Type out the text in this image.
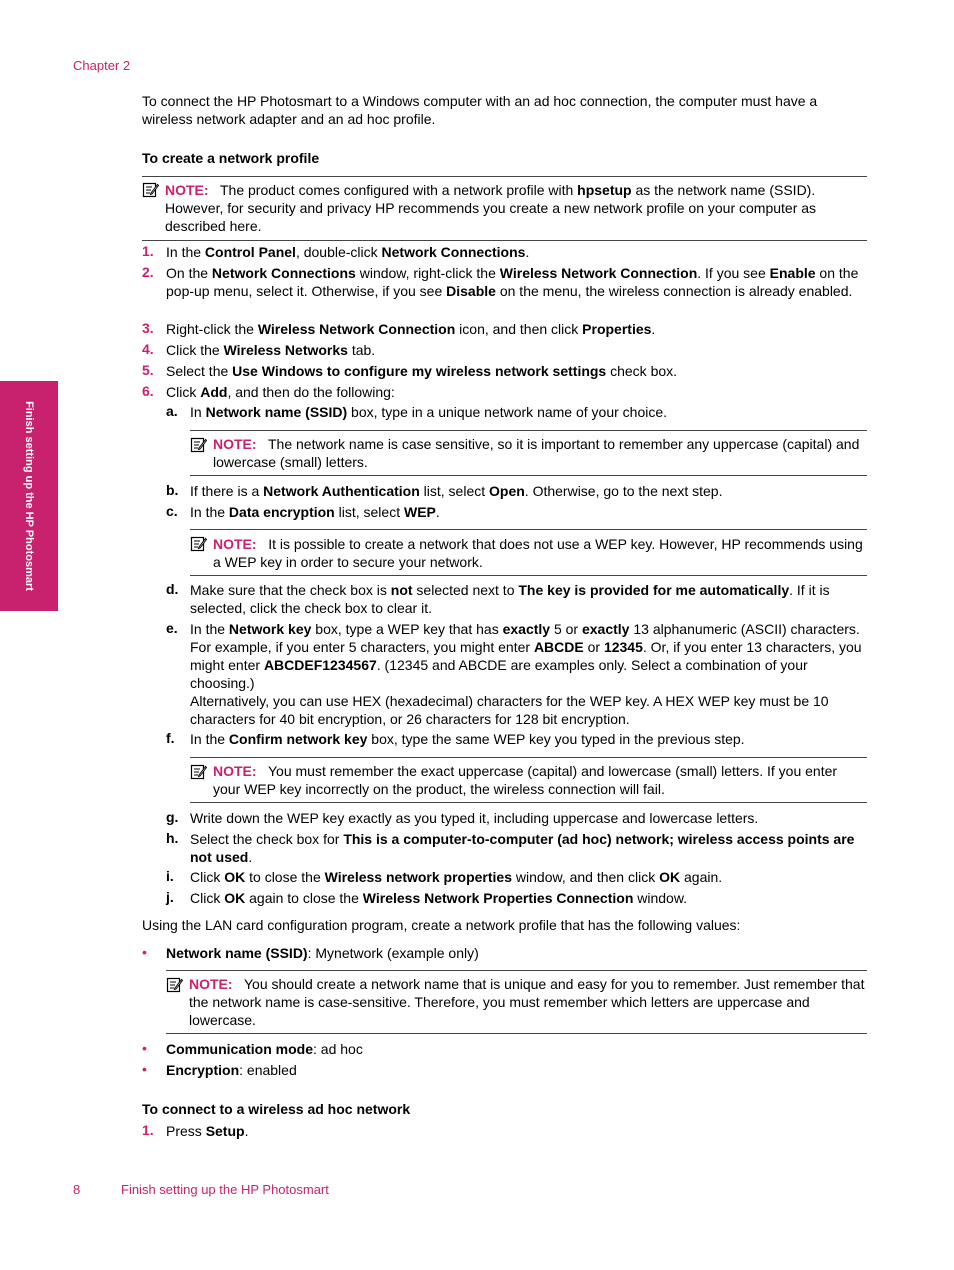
Chapter 2
Finish setting up the HP Photosmart
To connect the HP Photosmart to a Windows computer with an ad hoc connection, the computer must have a wireless network adapter and an ad hoc profile.
To create a network profile
NOTE: The product comes configured with a network profile with hpsetup as the network name (SSID). However, for security and privacy HP recommends you create a new network profile on your computer as described here.
1. In the Control Panel, double-click Network Connections.
2. On the Network Connections window, right-click the Wireless Network Connection. If you see Enable on the pop-up menu, select it. Otherwise, if you see Disable on the menu, the wireless connection is already enabled.
3. Right-click the Wireless Network Connection icon, and then click Properties.
4. Click the Wireless Networks tab.
5. Select the Use Windows to configure my wireless network settings check box.
6. Click Add, and then do the following:
a. In Network name (SSID) box, type in a unique network name of your choice.
NOTE: The network name is case sensitive, so it is important to remember any uppercase (capital) and lowercase (small) letters.
b. If there is a Network Authentication list, select Open. Otherwise, go to the next step.
c. In the Data encryption list, select WEP.
NOTE: It is possible to create a network that does not use a WEP key. However, HP recommends using a WEP key in order to secure your network.
d. Make sure that the check box is not selected next to The key is provided for me automatically. If it is selected, click the check box to clear it.
e. In the Network key box, type a WEP key that has exactly 5 or exactly 13 alphanumeric (ASCII) characters. For example, if you enter 5 characters, you might enter ABCDE or 12345. Or, if you enter 13 characters, you might enter ABCDEF1234567. (12345 and ABCDE are examples only. Select a combination of your choosing.)
Alternatively, you can use HEX (hexadecimal) characters for the WEP key. A HEX WEP key must be 10 characters for 40 bit encryption, or 26 characters for 128 bit encryption.
f. In the Confirm network key box, type the same WEP key you typed in the previous step.
NOTE: You must remember the exact uppercase (capital) and lowercase (small) letters. If you enter your WEP key incorrectly on the product, the wireless connection will fail.
g. Write down the WEP key exactly as you typed it, including uppercase and lowercase letters.
h. Select the check box for This is a computer-to-computer (ad hoc) network; wireless access points are not used.
i. Click OK to close the Wireless network properties window, and then click OK again.
j. Click OK again to close the Wireless Network Properties Connection window.
Using the LAN card configuration program, create a network profile that has the following values:
• Network name (SSID): Mynetwork (example only)
NOTE: You should create a network name that is unique and easy for you to remember. Just remember that the network name is case-sensitive. Therefore, you must remember which letters are uppercase and lowercase.
• Communication mode: ad hoc
• Encryption: enabled
To connect to a wireless ad hoc network
1. Press Setup.
8	Finish setting up the HP Photosmart
